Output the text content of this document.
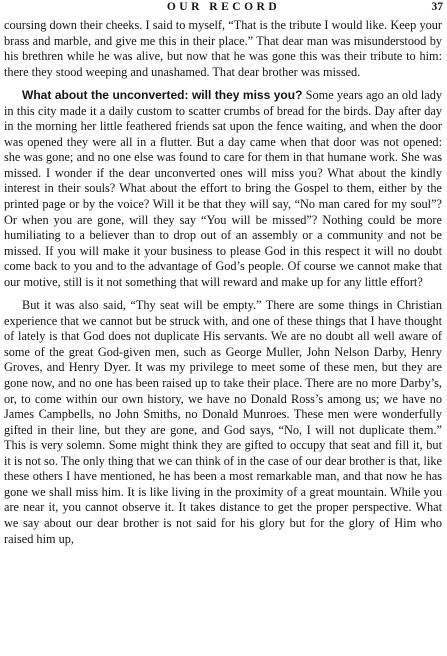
OUR RECORD	37

coursing down their cheeks. I said to myself, “That is the tribute I would like. Keep your brass and marble, and give me this in their place.” That dear man was misunderstood by his brethren while he was alive, but now that he was gone this was their tribute to him: there they stood weeping and unashamed. That dear brother was missed.

What about the unconverted: will they miss you? Some years ago an old lady in this city made it a daily custom to scatter crumbs of bread for the birds. Day after day in the morning her little feathered friends sat upon the fence waiting, and when the door was opened they were all in a flutter. But a day came when that door was not opened: she was gone; and no one else was found to care for them in that humane work. She was missed. I wonder if the dear unconverted ones will miss you? What about the kindly interest in their souls? What about the effort to bring the Gospel to them, either by the printed page or by the voice? Will it be that they will say, “No man cared for my soul”? Or when you are gone, will they say “You will be missed”? Nothing could be more humiliating to a believer than to drop out of an assembly or a community and not be missed. If you will make it your business to please God in this respect it will no doubt come back to you and to the advantage of God’s people. Of course we cannot make that our motive, still is it not something that will reward and make up for any little effort?

But it was also said, “Thy seat will be empty.” There are some things in Christian experience that we cannot but be struck with, and one of these things that I have thought of lately is that God does not duplicate His servants. We are no doubt all well aware of some of the great God-given men, such as George Muller, John Nelson Darby, Henry Groves, and Henry Dyer. It was my privilege to meet some of these men, but they are gone now, and no one has been raised up to take their place. There are no more Darby’s, or, to come within our own history, we have no Donald Ross’s among us; we have no James Campbells, no John Smiths, no Donald Munroes. These men were wonderfully gifted in their line, but they are gone, and God says, “No, I will not duplicate them.” This is very solemn. Some might think they are gifted to occupy that seat and fill it, but it is not so. The only thing that we can think of in the case of our dear brother is that, like these others I have mentioned, he has been a most remarkable man, and that now he has gone we shall miss him. It is like living in the proximity of a great mountain. While you are near it, you cannot observe it. It takes distance to get the proper perspective. What we say about our dear brother is not said for his glory but for the glory of Him who raised him up,
